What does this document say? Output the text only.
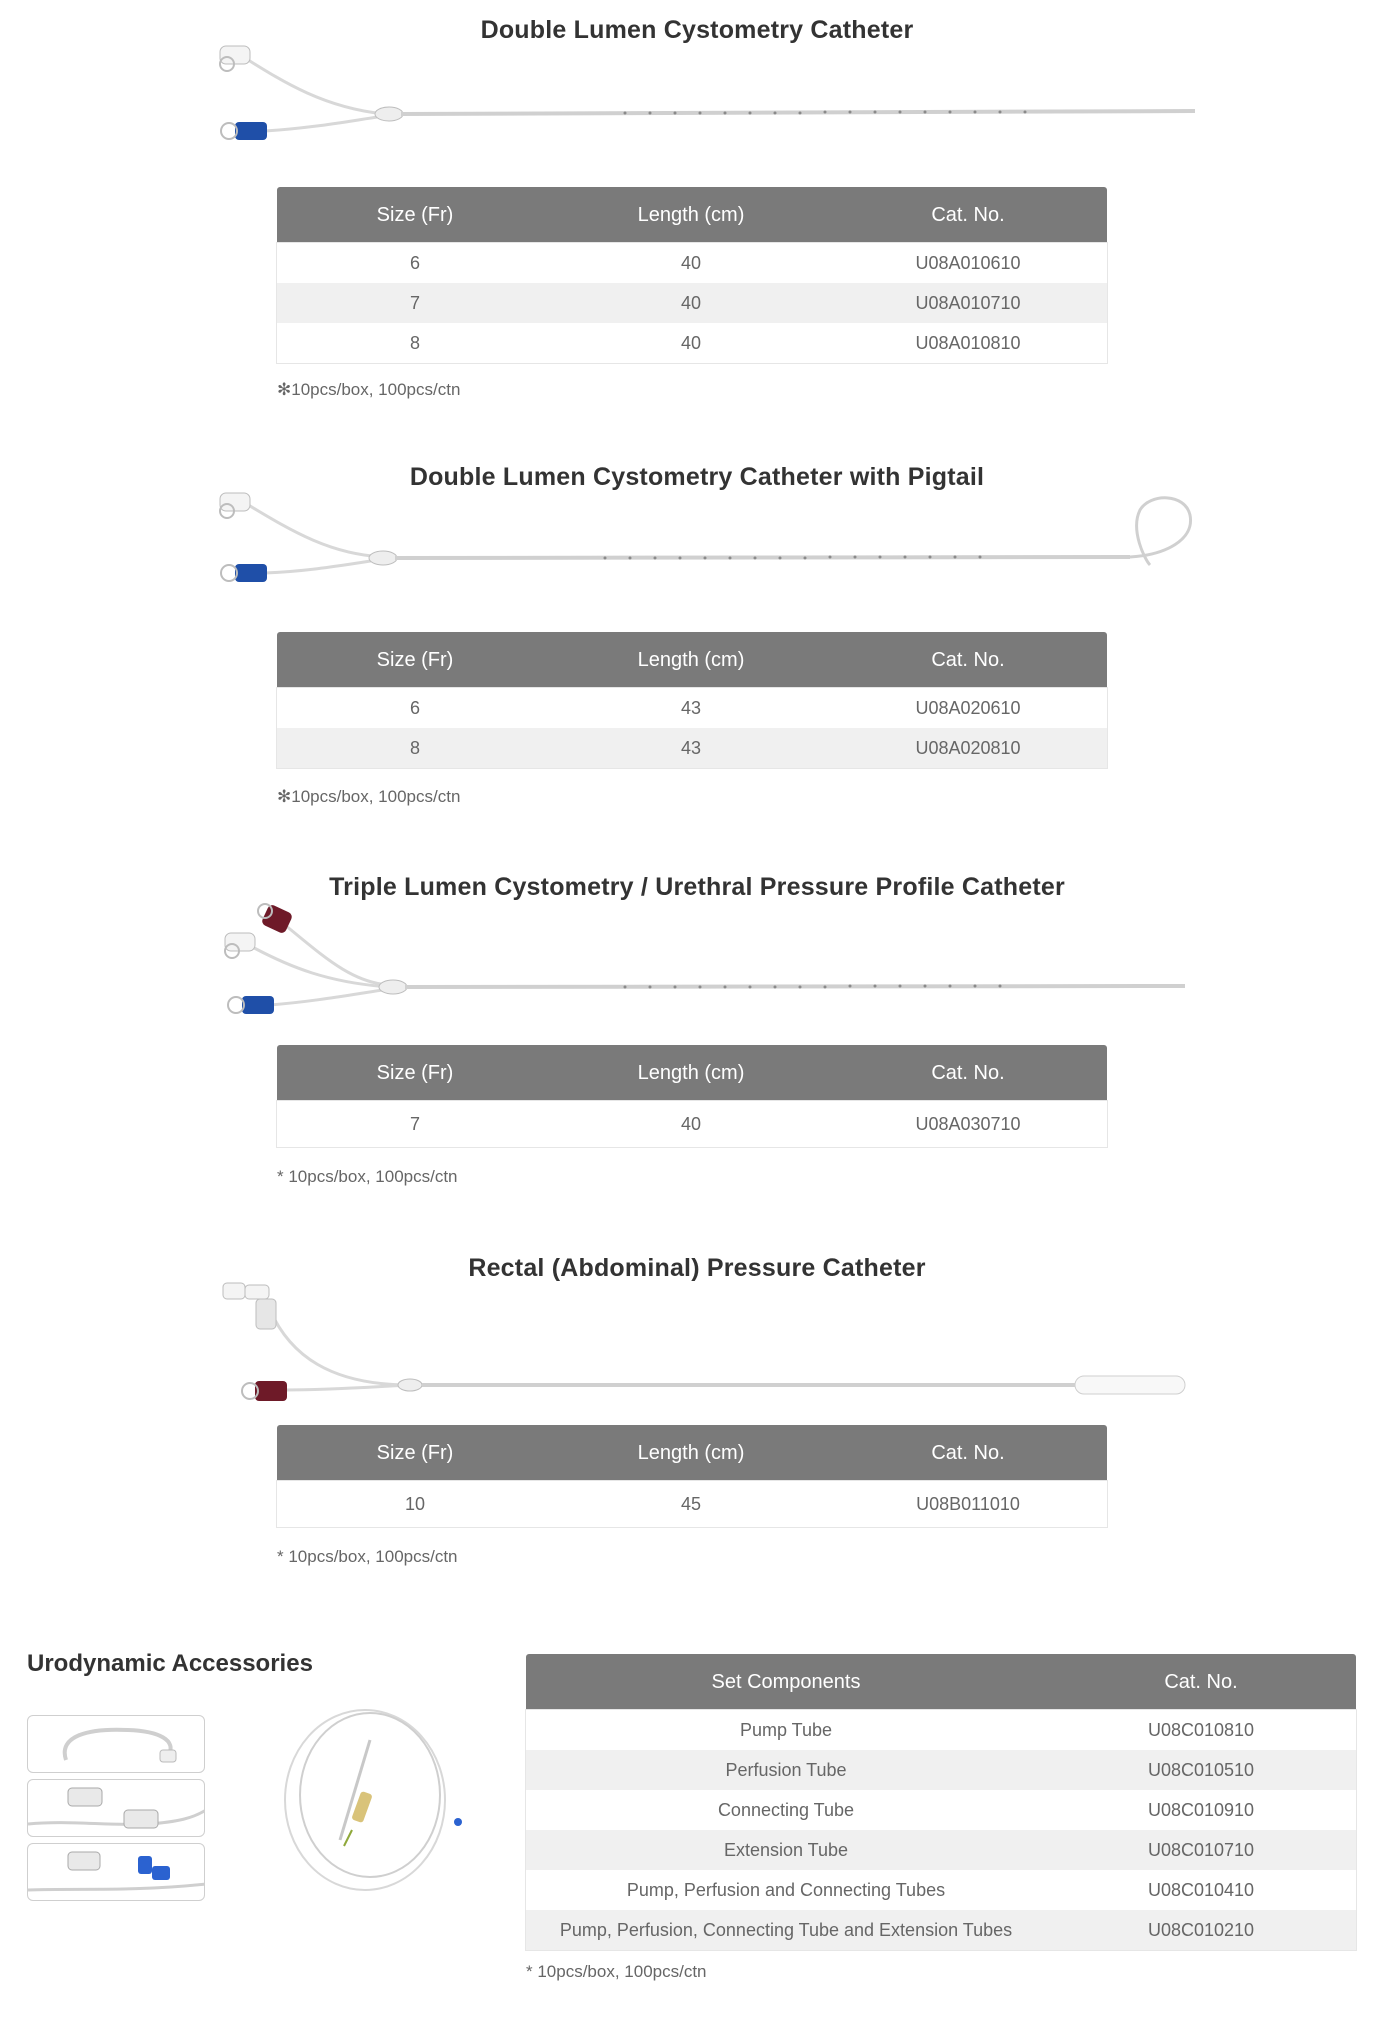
Double Lumen Cystometry Catheter
Size (Fr)	Length (cm)	Cat. No.
6	40	U08A010610
7	40	U08A010710
8	40	U08A010810
✻10pcs/box, 100pcs/ctn
Double Lumen Cystometry Catheter with Pigtail
Size (Fr)	Length (cm)	Cat. No.
6	43	U08A020610
8	43	U08A020810
✻10pcs/box, 100pcs/ctn
Triple Lumen Cystometry / Urethral Pressure Profile Catheter
Size (Fr)	Length (cm)	Cat. No.
7	40	U08A030710
* 10pcs/box, 100pcs/ctn
Rectal (Abdominal) Pressure Catheter
Size (Fr)	Length (cm)	Cat. No.
10	45	U08B011010
* 10pcs/box, 100pcs/ctn
Urodynamic Accessories
Set Components	Cat. No.
Pump Tube	U08C010810
Perfusion Tube	U08C010510
Connecting Tube	U08C010910
Extension Tube	U08C010710
Pump, Perfusion and Connecting Tubes	U08C010410
Pump, Perfusion, Connecting Tube and Extension Tubes	U08C010210
* 10pcs/box, 100pcs/ctn
